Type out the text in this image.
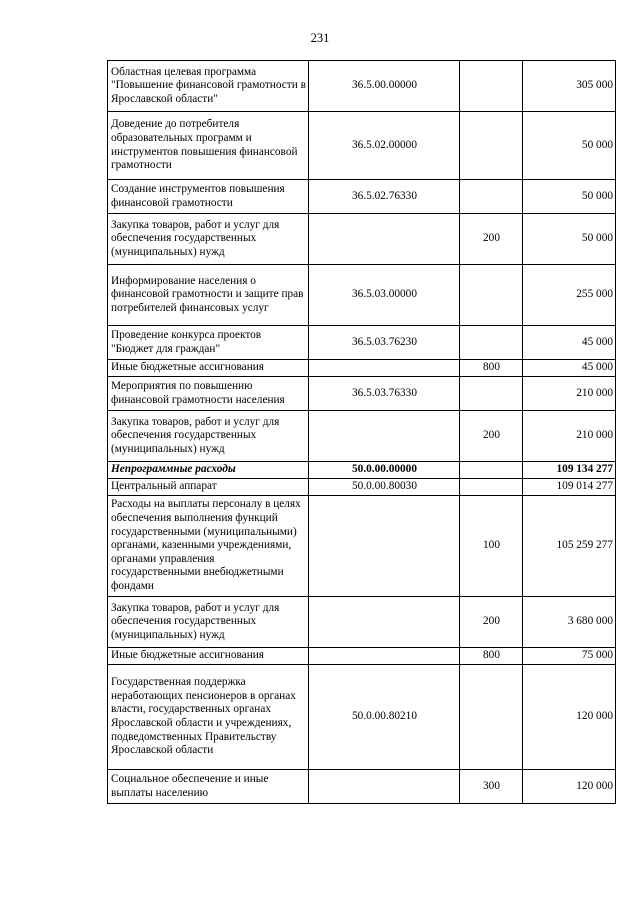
231
Областная целевая программа "Повышение финансовой грамотности в Ярославской области"	36.5.00.00000		305 000
Доведение до потребителя образовательных программ и инструментов повышения финансовой грамотности	36.5.02.00000		50 000
Создание инструментов повышения финансовой грамотности	36.5.02.76330		50 000
Закупка товаров, работ и услуг для обеспечения государственных (муниципальных) нужд		200	50 000
Информирование населения о финансовой грамотности и защите прав потребителей финансовых услуг	36.5.03.00000		255 000
Проведение конкурса проектов "Бюджет для граждан"	36.5.03.76230		45 000
Иные бюджетные ассигнования		800	45 000
Мероприятия по повышению финансовой грамотности населения	36.5.03.76330		210 000
Закупка товаров, работ и услуг для обеспечения государственных (муниципальных) нужд		200	210 000
Непрограммные расходы	50.0.00.00000		109 134 277
Центральный аппарат	50.0.00.80030		109 014 277
Расходы на выплаты персоналу в целях обеспечения выполнения функций государственными (муниципальными) органами, казенными учреждениями, органами управления государственными внебюджетными фондами		100	105 259 277
Закупка товаров, работ и услуг для обеспечения государственных (муниципальных) нужд		200	3 680 000
Иные бюджетные ассигнования		800	75 000
Государственная поддержка неработающих пенсионеров в органах власти, государственных органах Ярославской области и учреждениях, подведомственных Правительству Ярославской области	50.0.00.80210		120 000
Социальное обеспечение и иные выплаты населению		300	120 000
